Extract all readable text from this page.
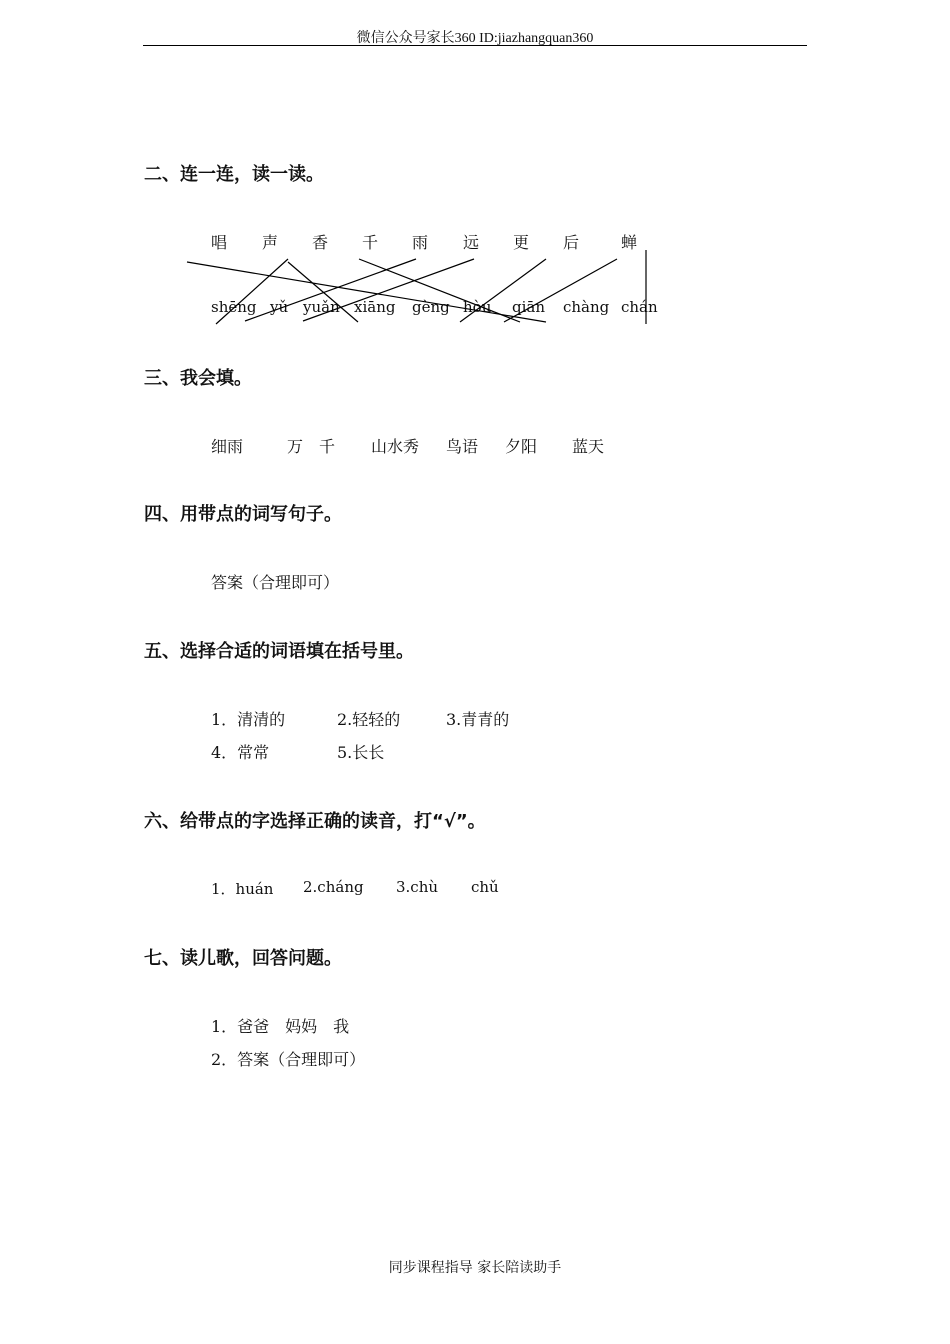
微信公众号家长360 ID:jiazhangquan360
二、连一连，读一读。
唱 声 香 千 雨 远 更 后	蝉
shēng yǔ yuǎn xiāng gèng hòu qiān chàng chán
三、我会填。
细雨	万　千 山水秀 鸟语 夕阳 蓝天
四、用带点的词写句子。
答案（合理即可）
五、选择合适的词语填在括号里。
1．清清的	2.轻轻的	3.青青的
4．常常	5.长长
六、给带点的字选择正确的读音，打“√”。
1．huán 2.cháng 3.chù chǔ
七、读儿歌，回答问题。
1．爸爸　妈妈　我
2．答案（合理即可）
同步课程指导 家长陪读助手
